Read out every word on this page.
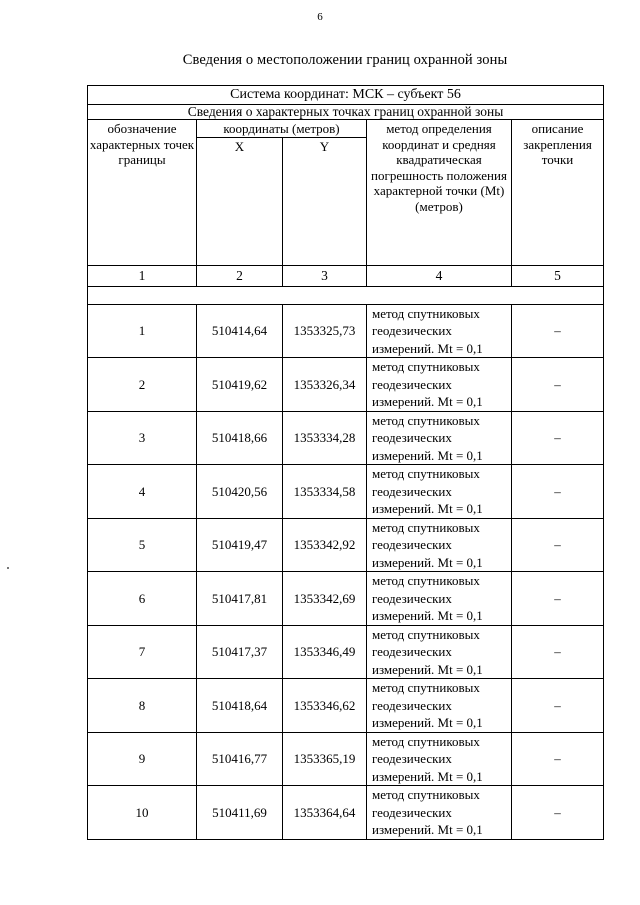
6
Сведения о местоположении границ охранной зоны
Система координат: МСК – субъект 56				
Сведения о характерных точках границ охранной зоны				
обозначение характерных точек границы	координаты (метров)		метод определения координат и средняя квадратическая погрешность положения характерной точки (Mt) (метров)	описание закрепления точки
	X	Y		
1	2	3	4	5

1	510414,64	1353325,73	метод спутниковых геодезических измерений. Mt = 0,1	–
2	510419,62	1353326,34	метод спутниковых геодезических измерений. Mt = 0,1	–
3	510418,66	1353334,28	метод спутниковых геодезических измерений. Mt = 0,1	–
4	510420,56	1353334,58	метод спутниковых геодезических измерений. Mt = 0,1	–
5	510419,47	1353342,92	метод спутниковых геодезических измерений. Mt = 0,1	–
6	510417,81	1353342,69	метод спутниковых геодезических измерений. Mt = 0,1	–
7	510417,37	1353346,49	метод спутниковых геодезических измерений. Mt = 0,1	–
8	510418,64	1353346,62	метод спутниковых геодезических измерений. Mt = 0,1	–
9	510416,77	1353365,19	метод спутниковых геодезических измерений. Mt = 0,1	–
10	510411,69	1353364,64	метод спутниковых геодезических измерений. Mt = 0,1	–
